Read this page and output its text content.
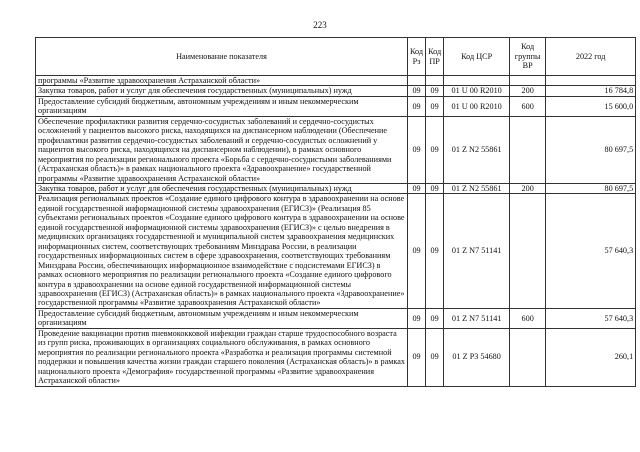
223
Наименование показателя	Код Рз	Код ПР	Код ЦСР	Код группы ВР	2022 год
программы «Развитие здравоохранения Астраханской области»					
Закупка товаров, работ и услуг для обеспечения государственных (муниципальных) нужд	09	09	01 U 00 R2010	200	16 784,8
Предоставление субсидий бюджетным, автономным учреждениям и иным некоммерческим организациям	09	09	01 U 00 R2010	600	15 600,0
Обеспечение профилактики развития сердечно-сосудистых заболеваний и сердечно-сосудистых осложнений у пациентов высокого риска, находящихся на диспансерном наблюдении (Обеспечение профилактики развития сердечно-сосудистых заболеваний и сердечно-сосудистых осложнений у пациентов высокого риска, находящихся на диспансерном наблюдении), в рамках основного мероприятия по реализации регионального проекта «Борьба с сердечно-сосудистыми заболеваниями (Астраханская область)» в рамках национального проекта «Здравоохранение» государственной программы «Развитие здравоохранения Астраханской области»	09	09	01 Z N2 55861		80 697,5
Закупка товаров, работ и услуг для обеспечения государственных (муниципальных) нужд	09	09	01 Z N2 55861	200	80 697,5
Реализация региональных проектов «Создание единого цифрового контура в здравоохранении на основе единой государственной информационной системы здравоохранения (ЕГИСЗ)» (Реализация 85 субъектами региональных проектов «Создание единого цифрового контура в здравоохранении на основе единой государственной информационной системы здравоохранения (ЕГИСЗ)» с целью внедрения в медицинских организациях государственной и муниципальной систем здравоохранения медицинских информационных систем, соответствующих требованиям Минздрава России, в реализации государственных информационных систем в сфере здравоохранения, соответствующих требованиям Минздрава России, обеспечивающих информационное взаимодействие с подсистемами ЕГИСЗ) в рамках основного мероприятия по реализации регионального проекта «Создание единого цифрового контура в здравоохранении на основе единой государственной информационной системы здравоохранения (ЕГИСЗ) (Астраханская область)» в рамках национального проекта «Здравоохранение» государственной программы «Развитие здравоохранения Астраханской области»	09	09	01 Z N7 51141		57 640,3
Предоставление субсидий бюджетным, автономным учреждениям и иным некоммерческим организациям	09	09	01 Z N7 51141	600	57 640,3
Проведение вакцинации против пневмококковой инфекции граждан старше трудоспособного возраста из групп риска, проживающих в организациях социального обслуживания, в рамках основного мероприятия по реализации регионального проекта «Разработка и реализация программы системной поддержки и повышения качества жизни граждан старшего поколения (Астраханская область)» в рамках национального проекта «Демография» государственной программы «Развитие здравоохранения Астраханской области»	09	09	01 Z P3 54680		260,1
